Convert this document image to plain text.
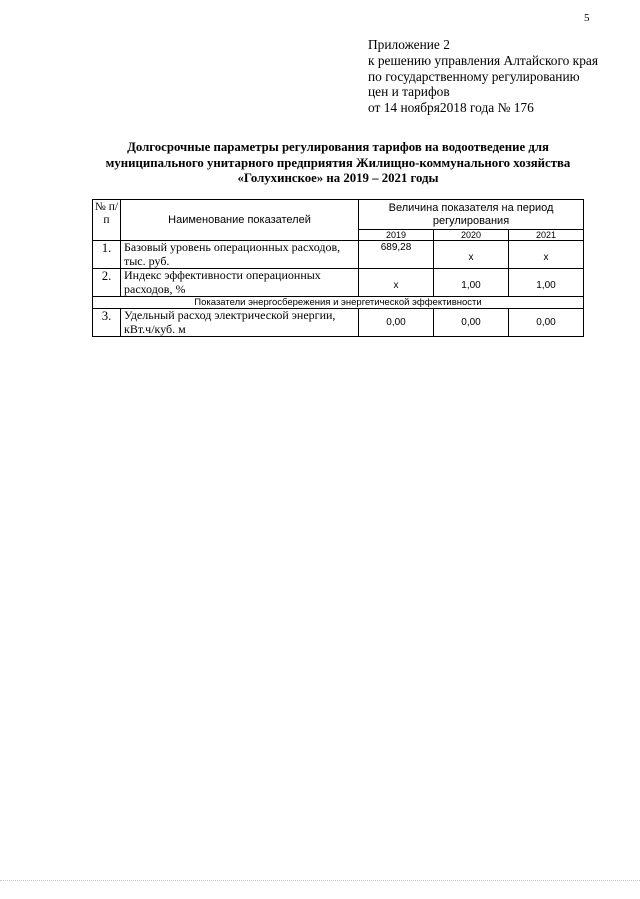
5
Приложение 2
к решению управления Алтайского края
по государственному регулированию
цен и тарифов
от 14 ноября2018 года № 176
Долгосрочные параметры регулирования тарифов на водоотведение для
муниципального унитарного предприятия Жилищно-коммунального хозяйства
«Голухинское» на 2019 – 2021 годы
№ п/п	Наименование показателей	Величина показателя на период регулирования		
		2019	2020	2021
1.	Базовый уровень операционных расходов, тыс. руб.	689,28	x	x
2.	Индекс эффективности операционных расходов, %	x	1,00	1,00
Показатели энергосбережения и энергетической эффективности				
3.	Удельный расход электрической энергии, кВт.ч/куб. м	0,00	0,00	0,00
